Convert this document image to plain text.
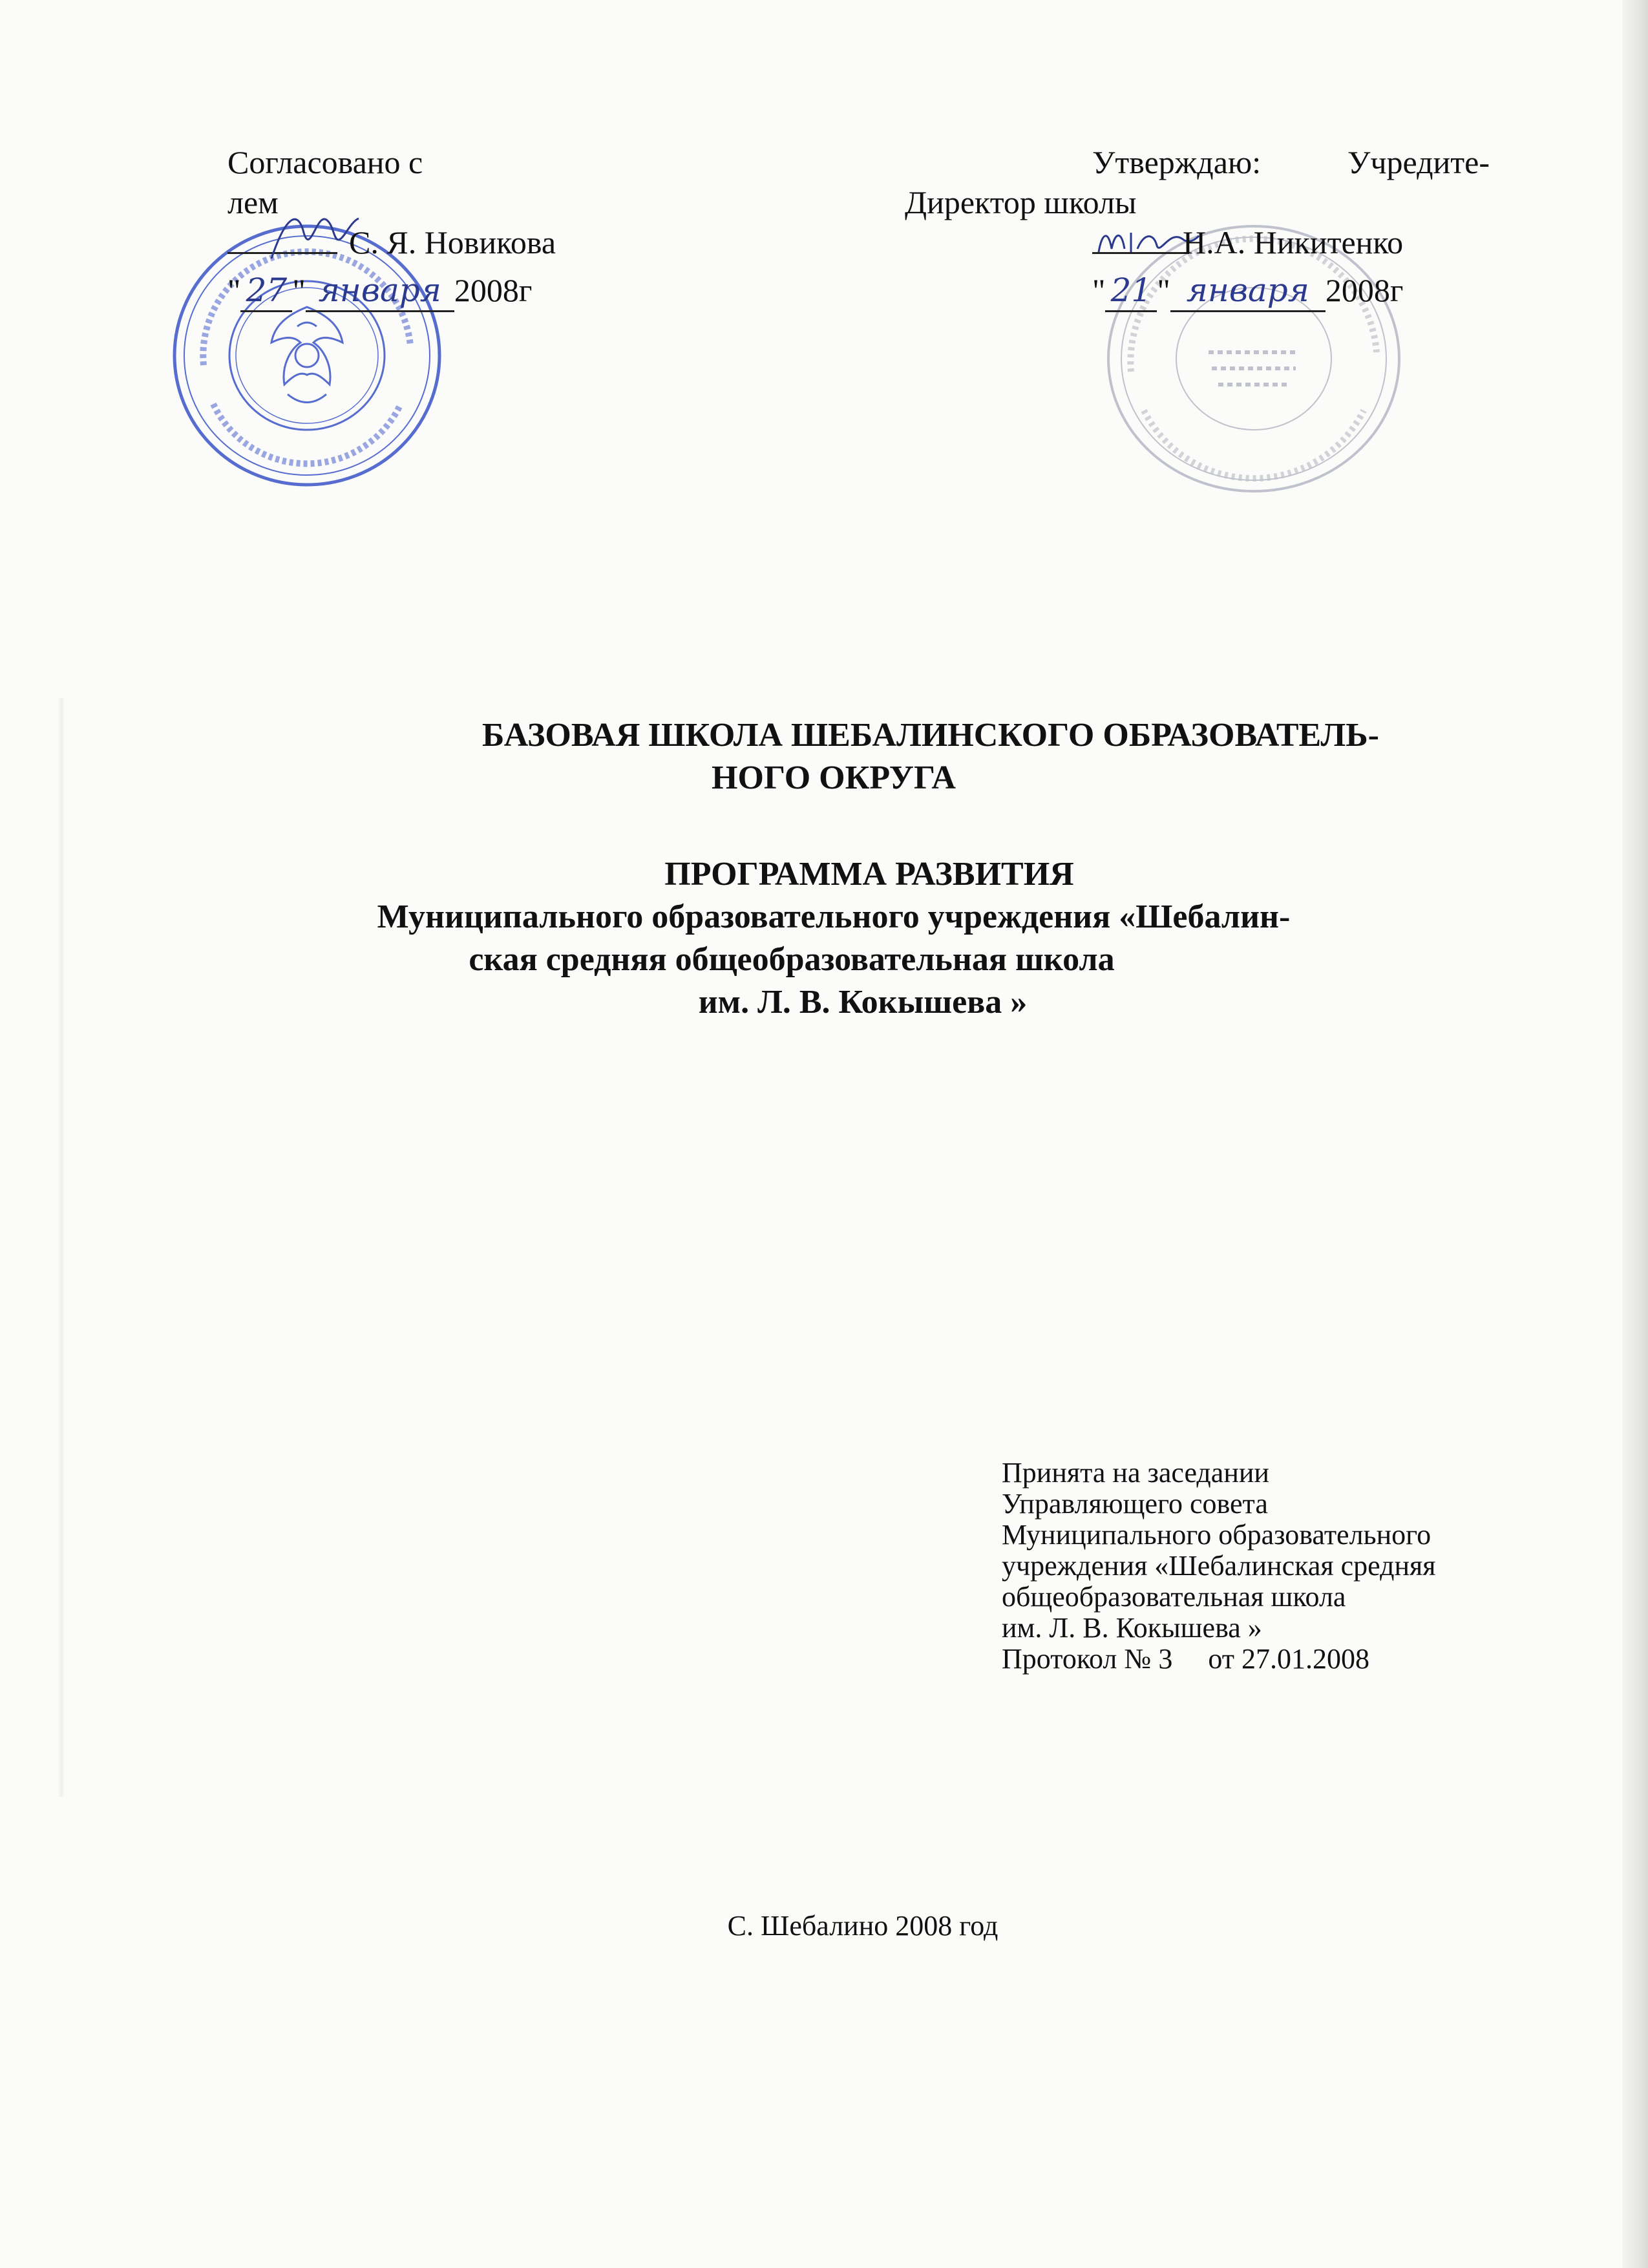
Согласовано с
лем
С. Я. Новикова
" 27 " января 2008г
Утверждаю:	Учредите-
Директор школы
Н.А. Никитенко
" 21 " января 2008г
БАЗОВАЯ ШКОЛА ШЕБАЛИНСКОГО ОБРАЗОВАТЕЛЬ-
НОГО ОКРУГА
ПРОГРАММА РАЗВИТИЯ
Муниципального образовательного учреждения «Шебалин-
ская средняя общеобразовательная школа
им. Л. В. Кокышева »
Принята на заседании
Управляющего совета
Муниципального образовательного
учреждения «Шебалинская средняя
общеобразовательная школа
им. Л. В. Кокышева »
Протокол № 3     от 27.01.2008
С. Шебалино 2008 год
